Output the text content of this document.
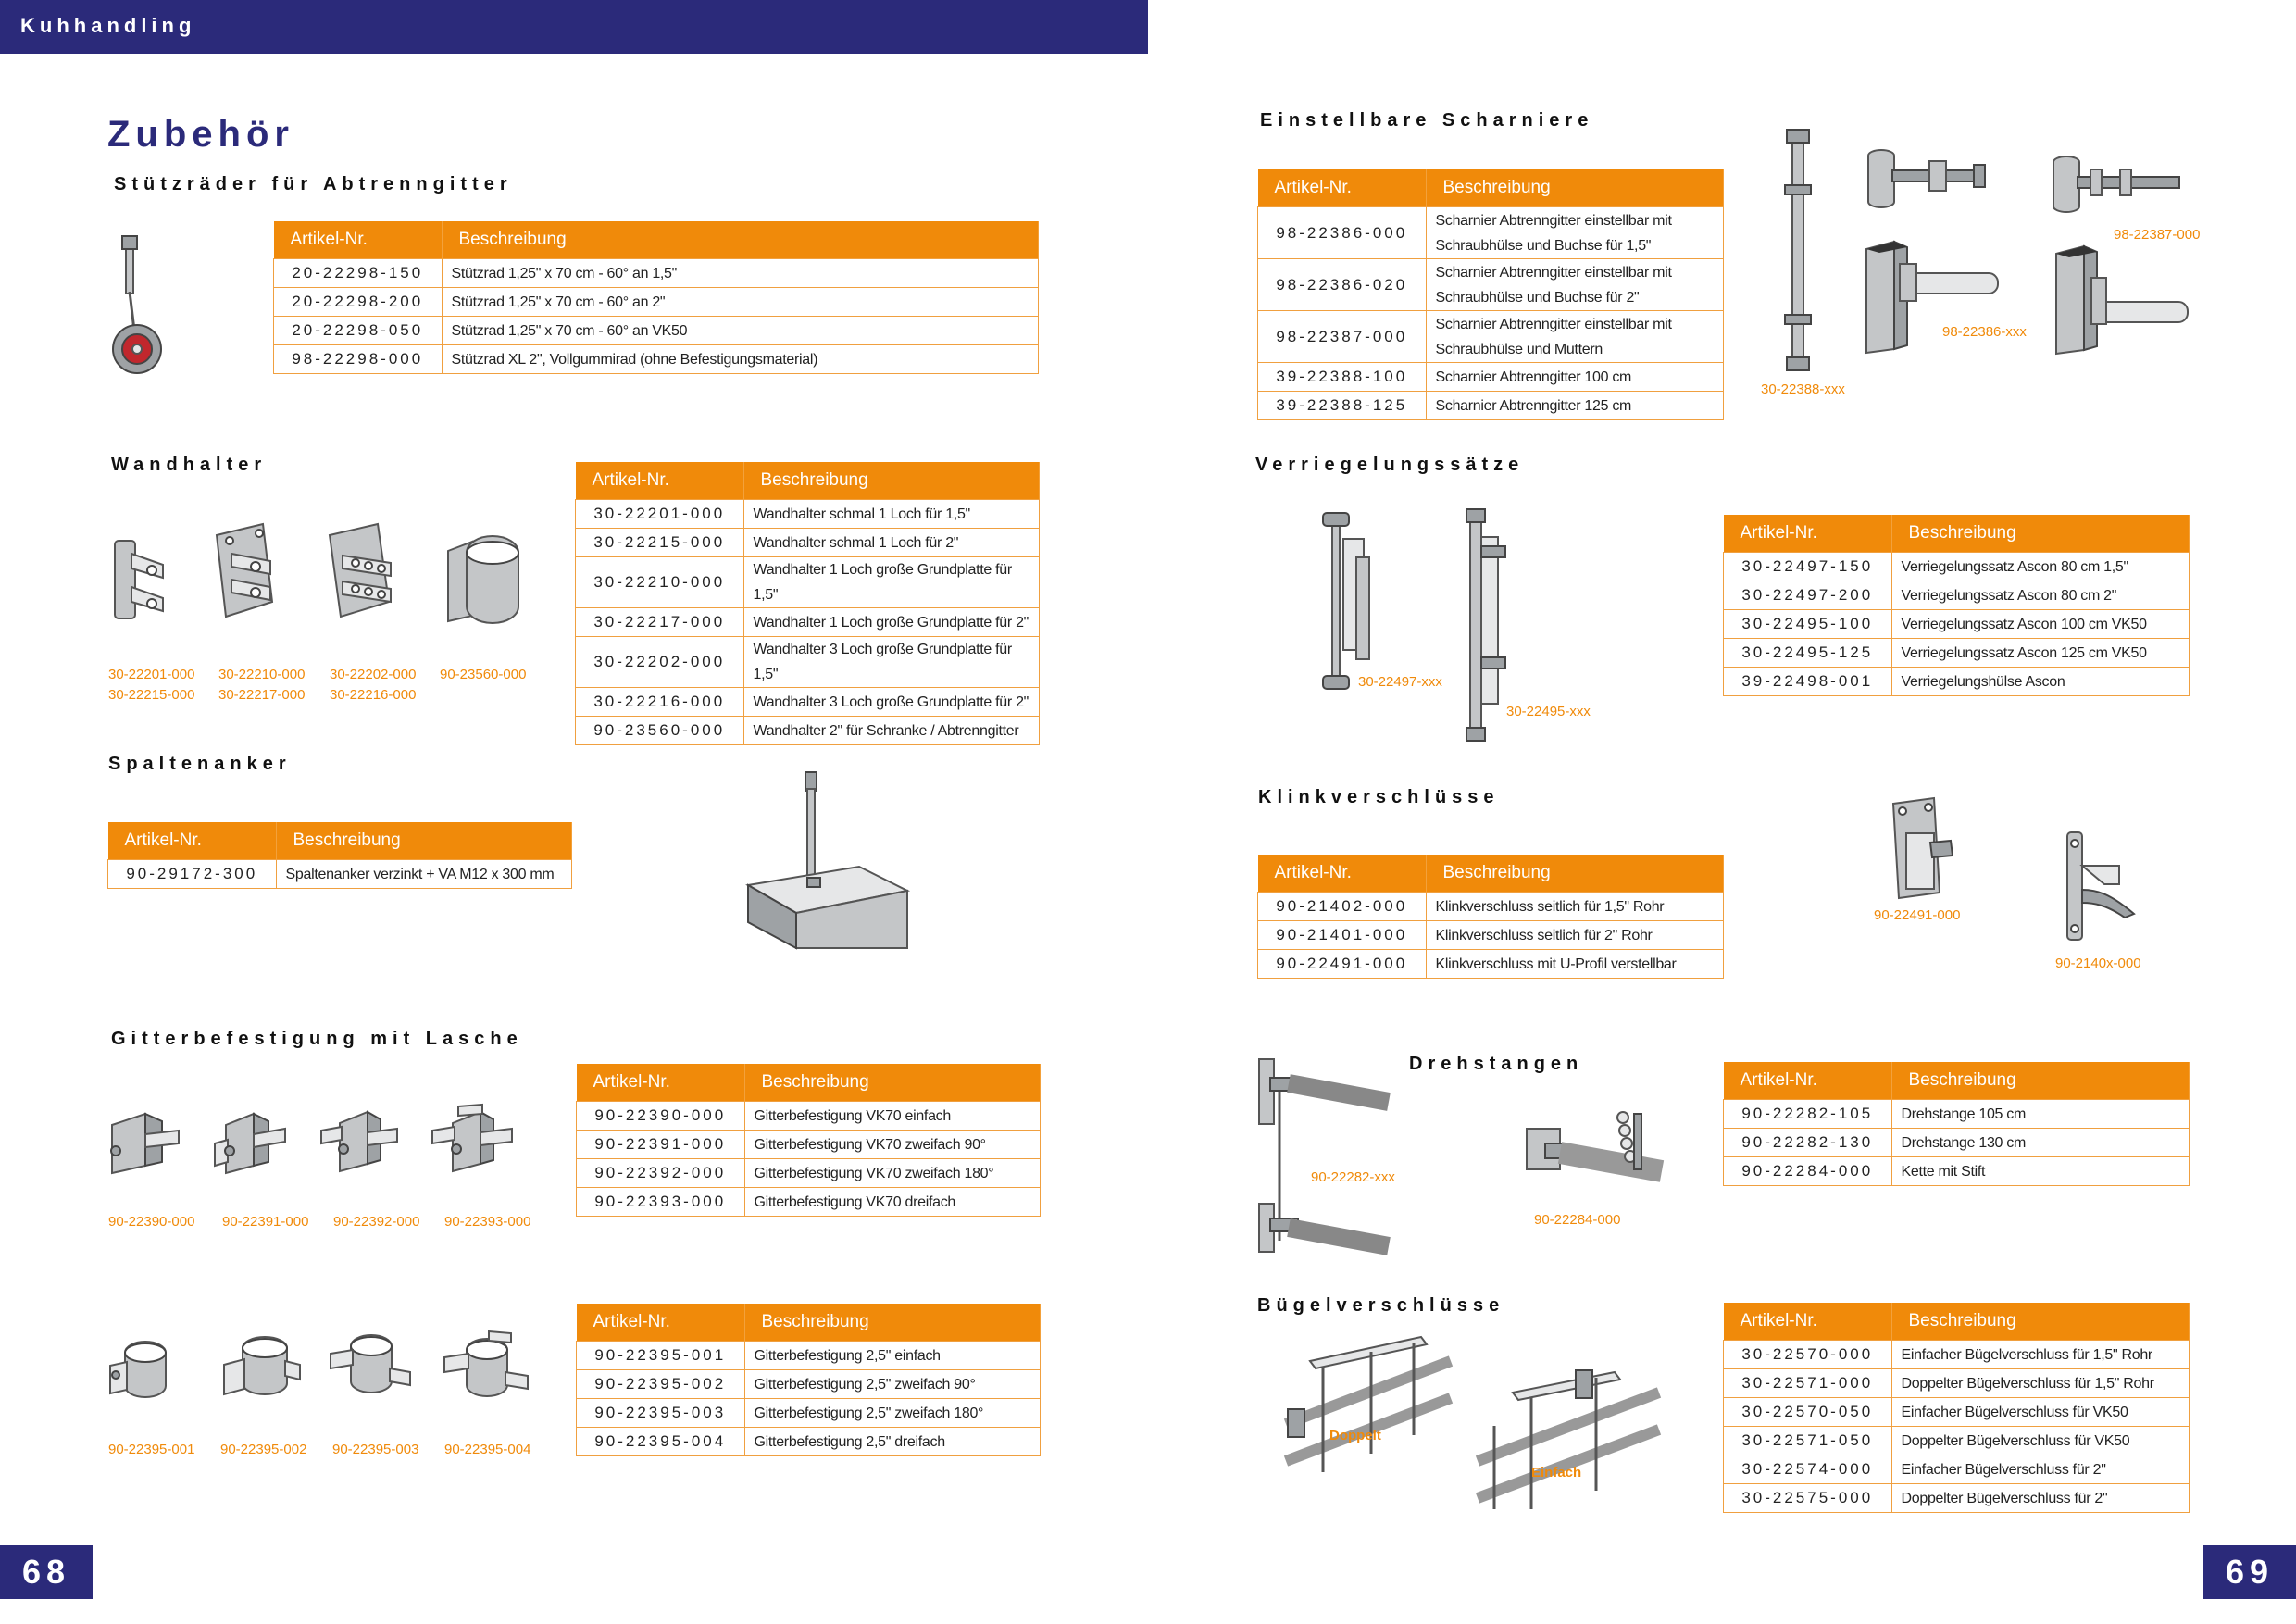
Kuhhandling
68	69
Zubehör
Stützräder für Abtrenngitter
Artikel-Nr.	Beschreibung
20-22298-150	Stützrad 1,25" x 70 cm - 60° an 1,5"
20-22298-200	Stützrad 1,25" x 70 cm - 60° an 2"
20-22298-050	Stützrad 1,25" x 70 cm - 60° an VK50
98-22298-000	Stützrad XL 2", Vollgummirad (ohne Befestigungsmaterial)
Wandhalter
30-22201-000
30-22215-000
30-22210-000
30-22217-000
30-22202-000
30-22216-000
90-23560-000
Artikel-Nr.	Beschreibung
30-22201-000	Wandhalter schmal 1 Loch für 1,5"
30-22215-000	Wandhalter schmal 1 Loch für 2"
30-22210-000	Wandhalter 1 Loch große Grundplatte für 1,5"
30-22217-000	Wandhalter 1 Loch große Grundplatte für 2"
30-22202-000	Wandhalter 3 Loch große Grundplatte für 1,5"
30-22216-000	Wandhalter 3 Loch große Grundplatte für 2"
90-23560-000	Wandhalter 2" für Schranke / Abtrenngitter
Spaltenanker
Artikel-Nr.	Beschreibung
90-29172-300	Spaltenanker verzinkt + VA M12 x 300 mm
Gitterbefestigung mit Lasche
90-22390-000 90-22391-000 90-22392-000 90-22393-000
Artikel-Nr.	Beschreibung
90-22390-000	Gitterbefestigung VK70 einfach
90-22391-000	Gitterbefestigung VK70 zweifach 90°
90-22392-000	Gitterbefestigung VK70 zweifach 180°
90-22393-000	Gitterbefestigung VK70 dreifach
90-22395-001 90-22395-002 90-22395-003 90-22395-004
Artikel-Nr.	Beschreibung
90-22395-001	Gitterbefestigung 2,5" einfach
90-22395-002	Gitterbefestigung 2,5" zweifach 90°
90-22395-003	Gitterbefestigung 2,5" zweifach 180°
90-22395-004	Gitterbefestigung 2,5" dreifach
Einstellbare Scharniere
Artikel-Nr.	Beschreibung
98-22386-000	Scharnier Abtrenngitter einstellbar mit Schraubhülse und Buchse für 1,5"
98-22386-020	Scharnier Abtrenngitter einstellbar mit Schraubhülse und Buchse für 2"
98-22387-000	Scharnier Abtrenngitter einstellbar mit Schraubhülse und Muttern
39-22388-100	Scharnier Abtrenngitter 100 cm
39-22388-125	Scharnier Abtrenngitter 125 cm
30-22388-xxx
98-22386-xxx
98-22387-000
Verriegelungssätze
30-22497-xxx
30-22495-xxx
Artikel-Nr.	Beschreibung
30-22497-150	Verriegelungssatz Ascon 80 cm 1,5"
30-22497-200	Verriegelungssatz Ascon 80 cm 2"
30-22495-100	Verriegelungssatz Ascon 100 cm VK50
30-22495-125	Verriegelungssatz Ascon 125 cm VK50
39-22498-001	Verriegelungshülse Ascon
Klinkverschlüsse
Artikel-Nr.	Beschreibung
90-21402-000	Klinkverschluss seitlich für 1,5" Rohr
90-21401-000	Klinkverschluss seitlich für 2" Rohr
90-22491-000	Klinkverschluss mit U-Profil verstellbar
90-22491-000
90-2140x-000
Drehstangen
90-22282-xxx
90-22284-000
Artikel-Nr.	Beschreibung
90-22282-105	Drehstange 105 cm
90-22282-130	Drehstange 130 cm
90-22284-000	Kette mit Stift
Bügelverschlüsse
Doppelt
Einfach
Artikel-Nr.	Beschreibung
30-22570-000	Einfacher Bügelverschluss für 1,5" Rohr
30-22571-000	Doppelter Bügelverschluss für 1,5" Rohr
30-22570-050	Einfacher Bügelverschluss für VK50
30-22571-050	Doppelter Bügelverschluss für VK50
30-22574-000	Einfacher Bügelverschluss für 2"
30-22575-000	Doppelter Bügelverschluss für 2"
